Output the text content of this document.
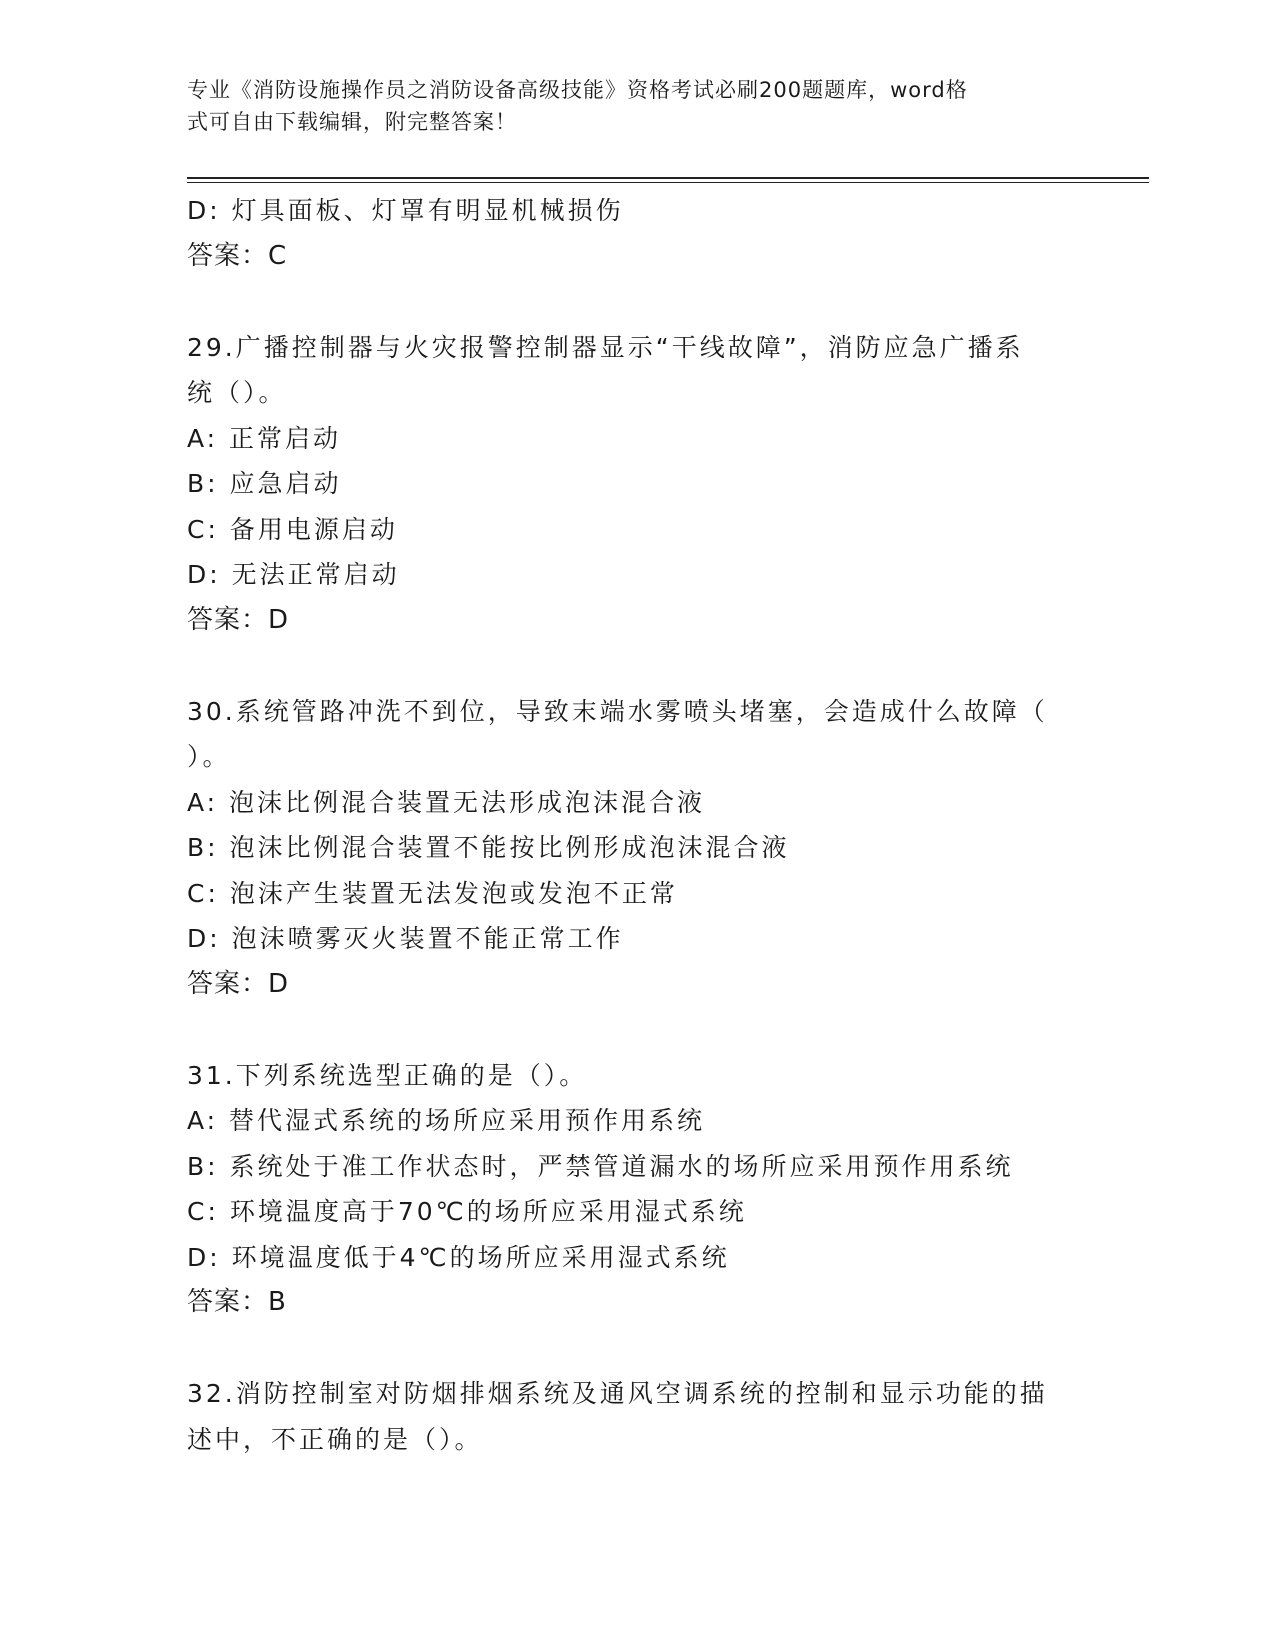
专业《消防设施操作员之消防设备高级技能》资格考试必刷200题题库，word格
式可自由下载编辑，附完整答案！
D: 灯具面板、灯罩有明显机械损伤
答案：C
29.广播控制器与火灾报警控制器显示“干线故障”，消防应急广播系
统（）。
A: 正常启动
B: 应急启动
C: 备用电源启动
D: 无法正常启动
答案：D
30.系统管路冲洗不到位，导致末端水雾喷头堵塞，会造成什么故障（
）。
A: 泡沫比例混合装置无法形成泡沫混合液
B: 泡沫比例混合装置不能按比例形成泡沫混合液
C: 泡沫产生装置无法发泡或发泡不正常
D: 泡沫喷雾灭火装置不能正常工作
答案：D
31.下列系统选型正确的是（）。
A: 替代湿式系统的场所应采用预作用系统
B: 系统处于准工作状态时，严禁管道漏水的场所应采用预作用系统
C: 环境温度高于70℃的场所应采用湿式系统
D: 环境温度低于4℃的场所应采用湿式系统
答案：B
32.消防控制室对防烟排烟系统及通风空调系统的控制和显示功能的描
述中，不正确的是（）。
